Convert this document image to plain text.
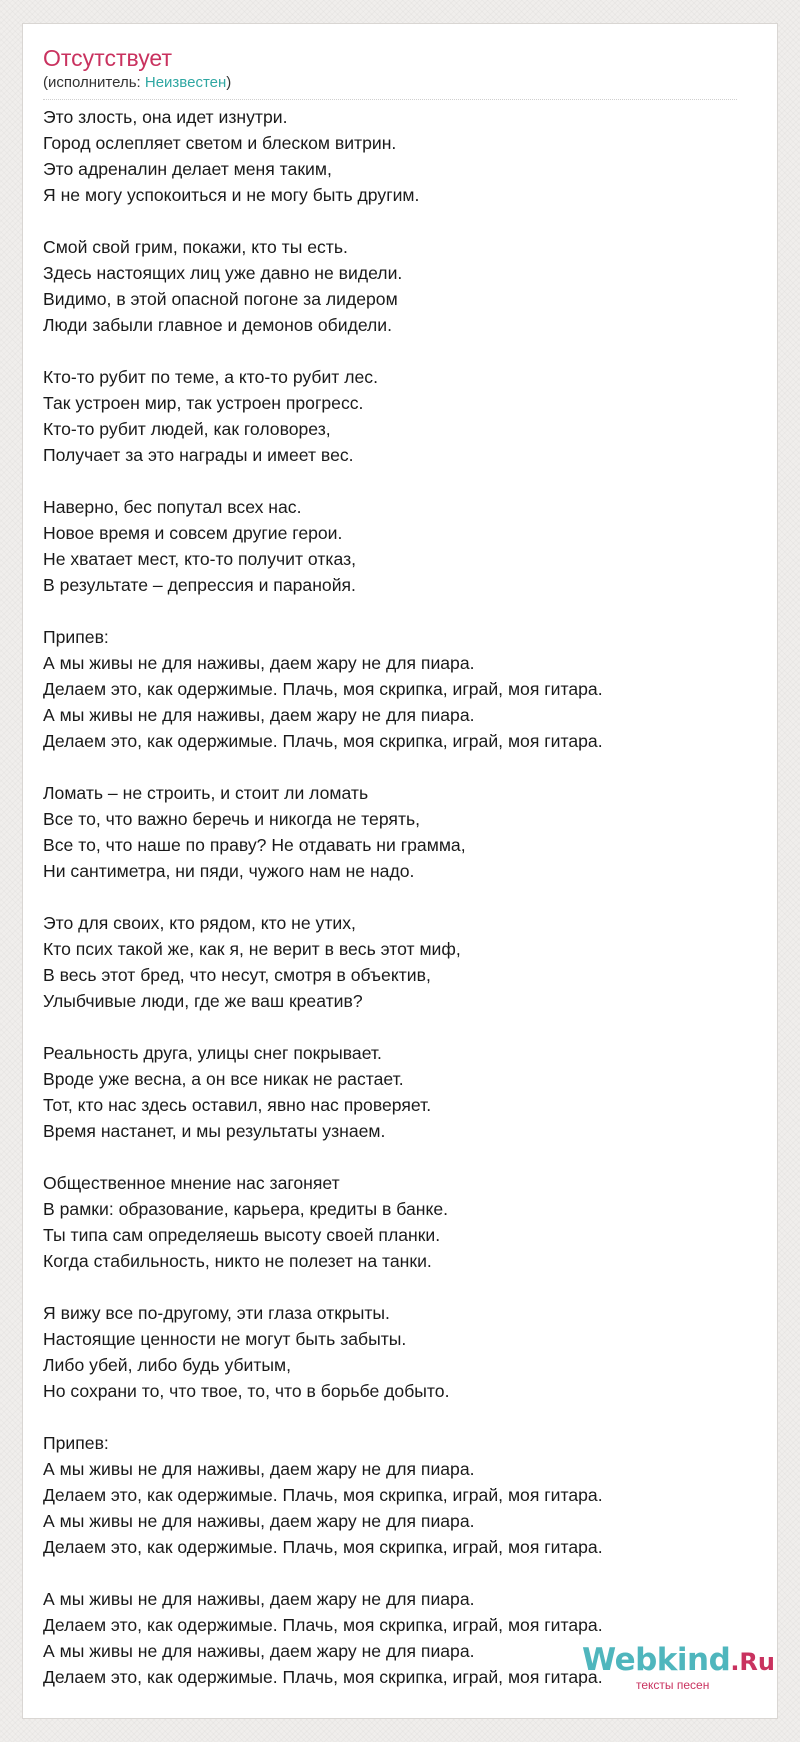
Отсутствует
(исполнитель: Неизвестен)
Это злость, она идет изнутри.
Город ослепляет светом и блеском витрин.
Это адреналин делает меня таким,
Я не могу успокоиться и не могу быть другим.
Смой свой грим, покажи, кто ты есть.
Здесь настоящих лиц уже давно не видели.
Видимо, в этой опасной погоне за лидером
Люди забыли главное и демонов обидели.
Кто-то рубит по теме, а кто-то рубит лес.
Так устроен мир, так устроен прогресс.
Кто-то рубит людей, как головорез,
Получает за это награды и имеет вес.
Наверно, бес попутал всех нас.
Новое время и совсем другие герои.
Не хватает мест, кто-то получит отказ,
В результате – депрессия и паранойя.
Припев:
А мы живы не для наживы, даем жару не для пиара.
Делаем это, как одержимые. Плачь, моя скрипка, играй, моя гитара.
А мы живы не для наживы, даем жару не для пиара.
Делаем это, как одержимые. Плачь, моя скрипка, играй, моя гитара.
Ломать – не строить, и стоит ли ломать
Все то, что важно беречь и никогда не терять,
Все то, что наше по праву? Не отдавать ни грамма,
Ни сантиметра, ни пяди, чужого нам не надо.
Это для своих, кто рядом, кто не утих,
Кто псих такой же, как я, не верит в весь этот миф,
В весь этот бред, что несут, смотря в объектив,
Улыбчивые люди, где же ваш креатив?
Реальность друга, улицы снег покрывает.
Вроде уже весна, а он все никак не растает.
Тот, кто нас здесь оставил, явно нас проверяет.
Время настанет, и мы результаты узнаем.
Общественное мнение нас загоняет
В рамки: образование, карьера, кредиты в банке.
Ты типа сам определяешь высоту своей планки.
Когда стабильность, никто не полезет на танки.
Я вижу все по-другому, эти глаза открыты.
Настоящие ценности не могут быть забыты.
Либо убей, либо будь убитым,
Но сохрани то, что твое, то, что в борьбе добыто.
Припев:
А мы живы не для наживы, даем жару не для пиара.
Делаем это, как одержимые. Плачь, моя скрипка, играй, моя гитара.
А мы живы не для наживы, даем жару не для пиара.
Делаем это, как одержимые. Плачь, моя скрипка, играй, моя гитара.
А мы живы не для наживы, даем жару не для пиара.
Делаем это, как одержимые. Плачь, моя скрипка, играй, моя гитара.
А мы живы не для наживы, даем жару не для пиара.
Делаем это, как одержимые. Плачь, моя скрипка, играй, моя гитара.
Webkind.Ru
тексты песен
